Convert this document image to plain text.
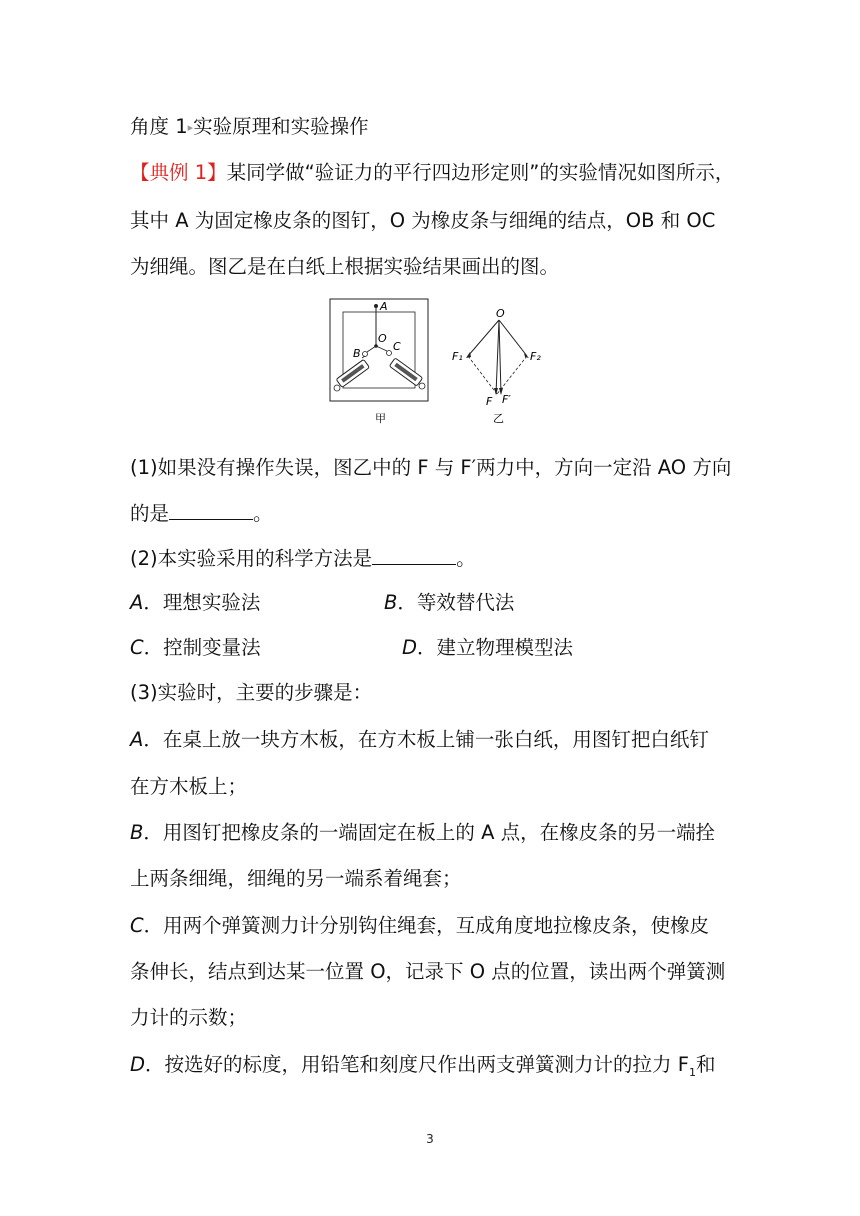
角度 1▸实验原理和实验操作
【典例 1】某同学做“验证力的平行四边形定则”的实验情况如图所示，
其中 A 为固定橡皮条的图钉，O 为橡皮条与细绳的结点，OB 和 OC
为细绳。图乙是在白纸上根据实验结果画出的图。
A
O
B
C
甲
O
F₁	F₂
F F′
乙
(1)如果没有操作失误，图乙中的 F 与 F′两力中，方向一定沿 AO 方向
的是	。
(2)本实验采用的科学方法是	。
A．理想实验法	B．等效替代法
C．控制变量法	D．建立物理模型法
(3)实验时，主要的步骤是：
A．在桌上放一块方木板，在方木板上铺一张白纸，用图钉把白纸钉
在方木板上；
B．用图钉把橡皮条的一端固定在板上的 A 点，在橡皮条的另一端拴
上两条细绳，细绳的另一端系着绳套；
C．用两个弹簧测力计分别钩住绳套，互成角度地拉橡皮条，使橡皮
条伸长，结点到达某一位置 O，记录下 O 点的位置，读出两个弹簧测
力计的示数；
D．按选好的标度，用铅笔和刻度尺作出两支弹簧测力计的拉力 $F_1$和
3
